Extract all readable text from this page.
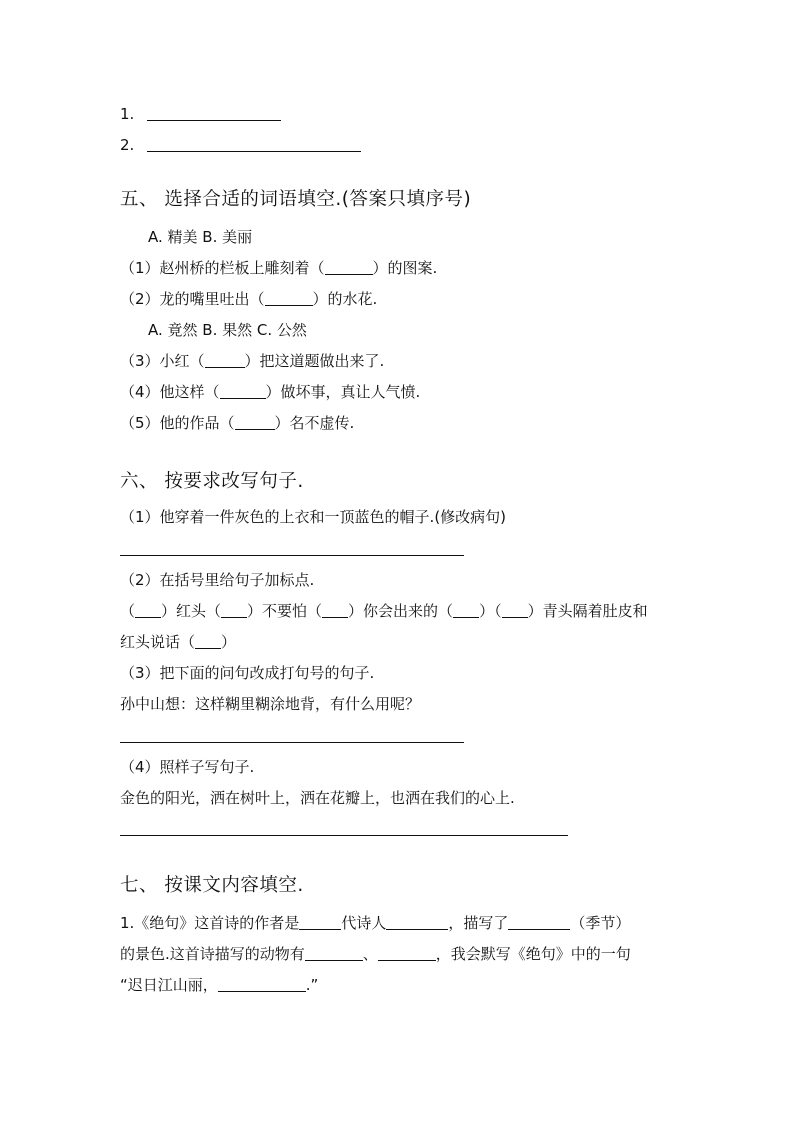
1.
2.
五、 选择合适的词语填空.(答案只填序号)
A. 精美 B. 美丽
（1）赵州桥的栏板上雕刻着（	）的图案.
（2）龙的嘴里吐出（	）的水花.
A. 竟然 B. 果然 C. 公然
（3）小红（	）把这道题做出来了.
（4）他这样（	）做坏事，真让人气愤.
（5）他的作品（	）名不虚传.
六、 按要求改写句子.
（1）他穿着一件灰色的上衣和一顶蓝色的帽子.(修改病句)
（2）在括号里给句子加标点.
（ ）红头（ ）不要怕（ ）你会出来的（ ）（ ）青头隔着肚皮和
红头说话（ ）
（3）把下面的问句改成打句号的句子.
孙中山想：这样糊里糊涂地背，有什么用呢？
（4）照样子写句子.
金色的阳光，洒在树叶上，洒在花瓣上，也洒在我们的心上.
七、 按课文内容填空.
1.《绝句》这首诗的作者是	代诗人	，描写了	（季节）
的景色.这首诗描写的动物有	、	，我会默写《绝句》中的一句
“迟日江山丽，	.”
